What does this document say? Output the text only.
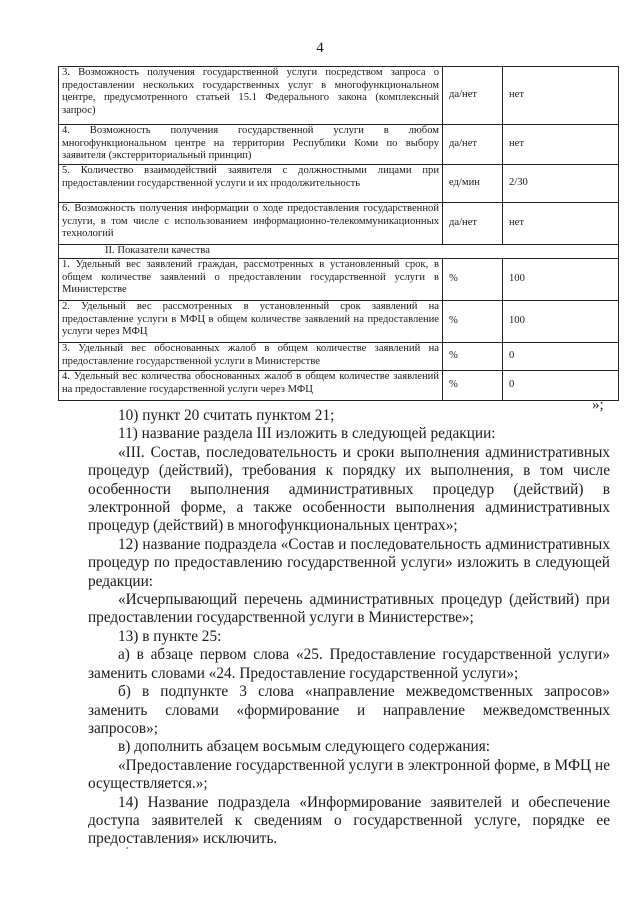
4
3. Возможность получения государственной услуги посредством запроса о предоставлении нескольких государственных услуг в многофункциональном центре, предусмотренного статьей 15.1 Федерального закона (комплексный запрос)	да/нет	нет
4. Возможность получения государственной услуги в любом многофункциональном центре на территории Республики Коми по выбору заявителя (экстерриториальный принцип)	да/нет	нет
5. Количество взаимодействий заявителя с должностными лицами при предоставлении государственной услуги и их продолжительность	ед/мин	2/30
6. Возможность получения информации о ходе предоставления государственной услуги, в том числе с использованием информационно-телекоммуникационных технологий	да/нет	нет
II. Показатели качества		
1. Удельный вес заявлений граждан, рассмотренных в установленный срок, в общем количестве заявлений о предоставлении государственной услуги в Министерстве	%	100
2. Удельный вес рассмотренных в установленный срок заявлений на предоставление услуги в МФЦ в общем количестве заявлений на предоставление услуги через МФЦ	%	100
3. Удельный вес обоснованных жалоб в общем количестве заявлений на предоставление государственной услуги в Министерстве	%	0
4. Удельный вес количества обоснованных жалоб в общем количестве заявлений на предоставление государственной услуги через МФЦ	%	0
»;

10) пункт 20 считать пунктом 21;

11) название раздела III изложить в следующей редакции:

«III. Состав, последовательность и сроки выполнения административных процедур (действий), требования к порядку их выполнения, в том числе особенности выполнения административных процедур (действий) в электронной форме, а также особенности выполнения административных процедур (действий) в многофункциональных центрах»;

12) название подраздела «Состав и последовательность административных процедур по предоставлению государственной услуги» изложить в следующей редакции:

«Исчерпывающий перечень административных процедур (действий) при предоставлении государственной услуги в Министерстве»;

13) в пункте 25:

а) в абзаце первом слова «25. Предоставление государственной услуги» заменить словами «24. Предоставление государственной услуги»;

б) в подпункте 3 слова «направление межведомственных запросов» заменить словами «формирование и направление межведомственных запросов»;

в) дополнить абзацем восьмым следующего содержания:

«Предоставление государственной услуги в электронной форме, в МФЦ не осуществляется.»;

14) Название подраздела «Информирование заявителей и обеспечение доступа заявителей к сведениям о государственной услуге, порядке ее предоставления» исключить.
